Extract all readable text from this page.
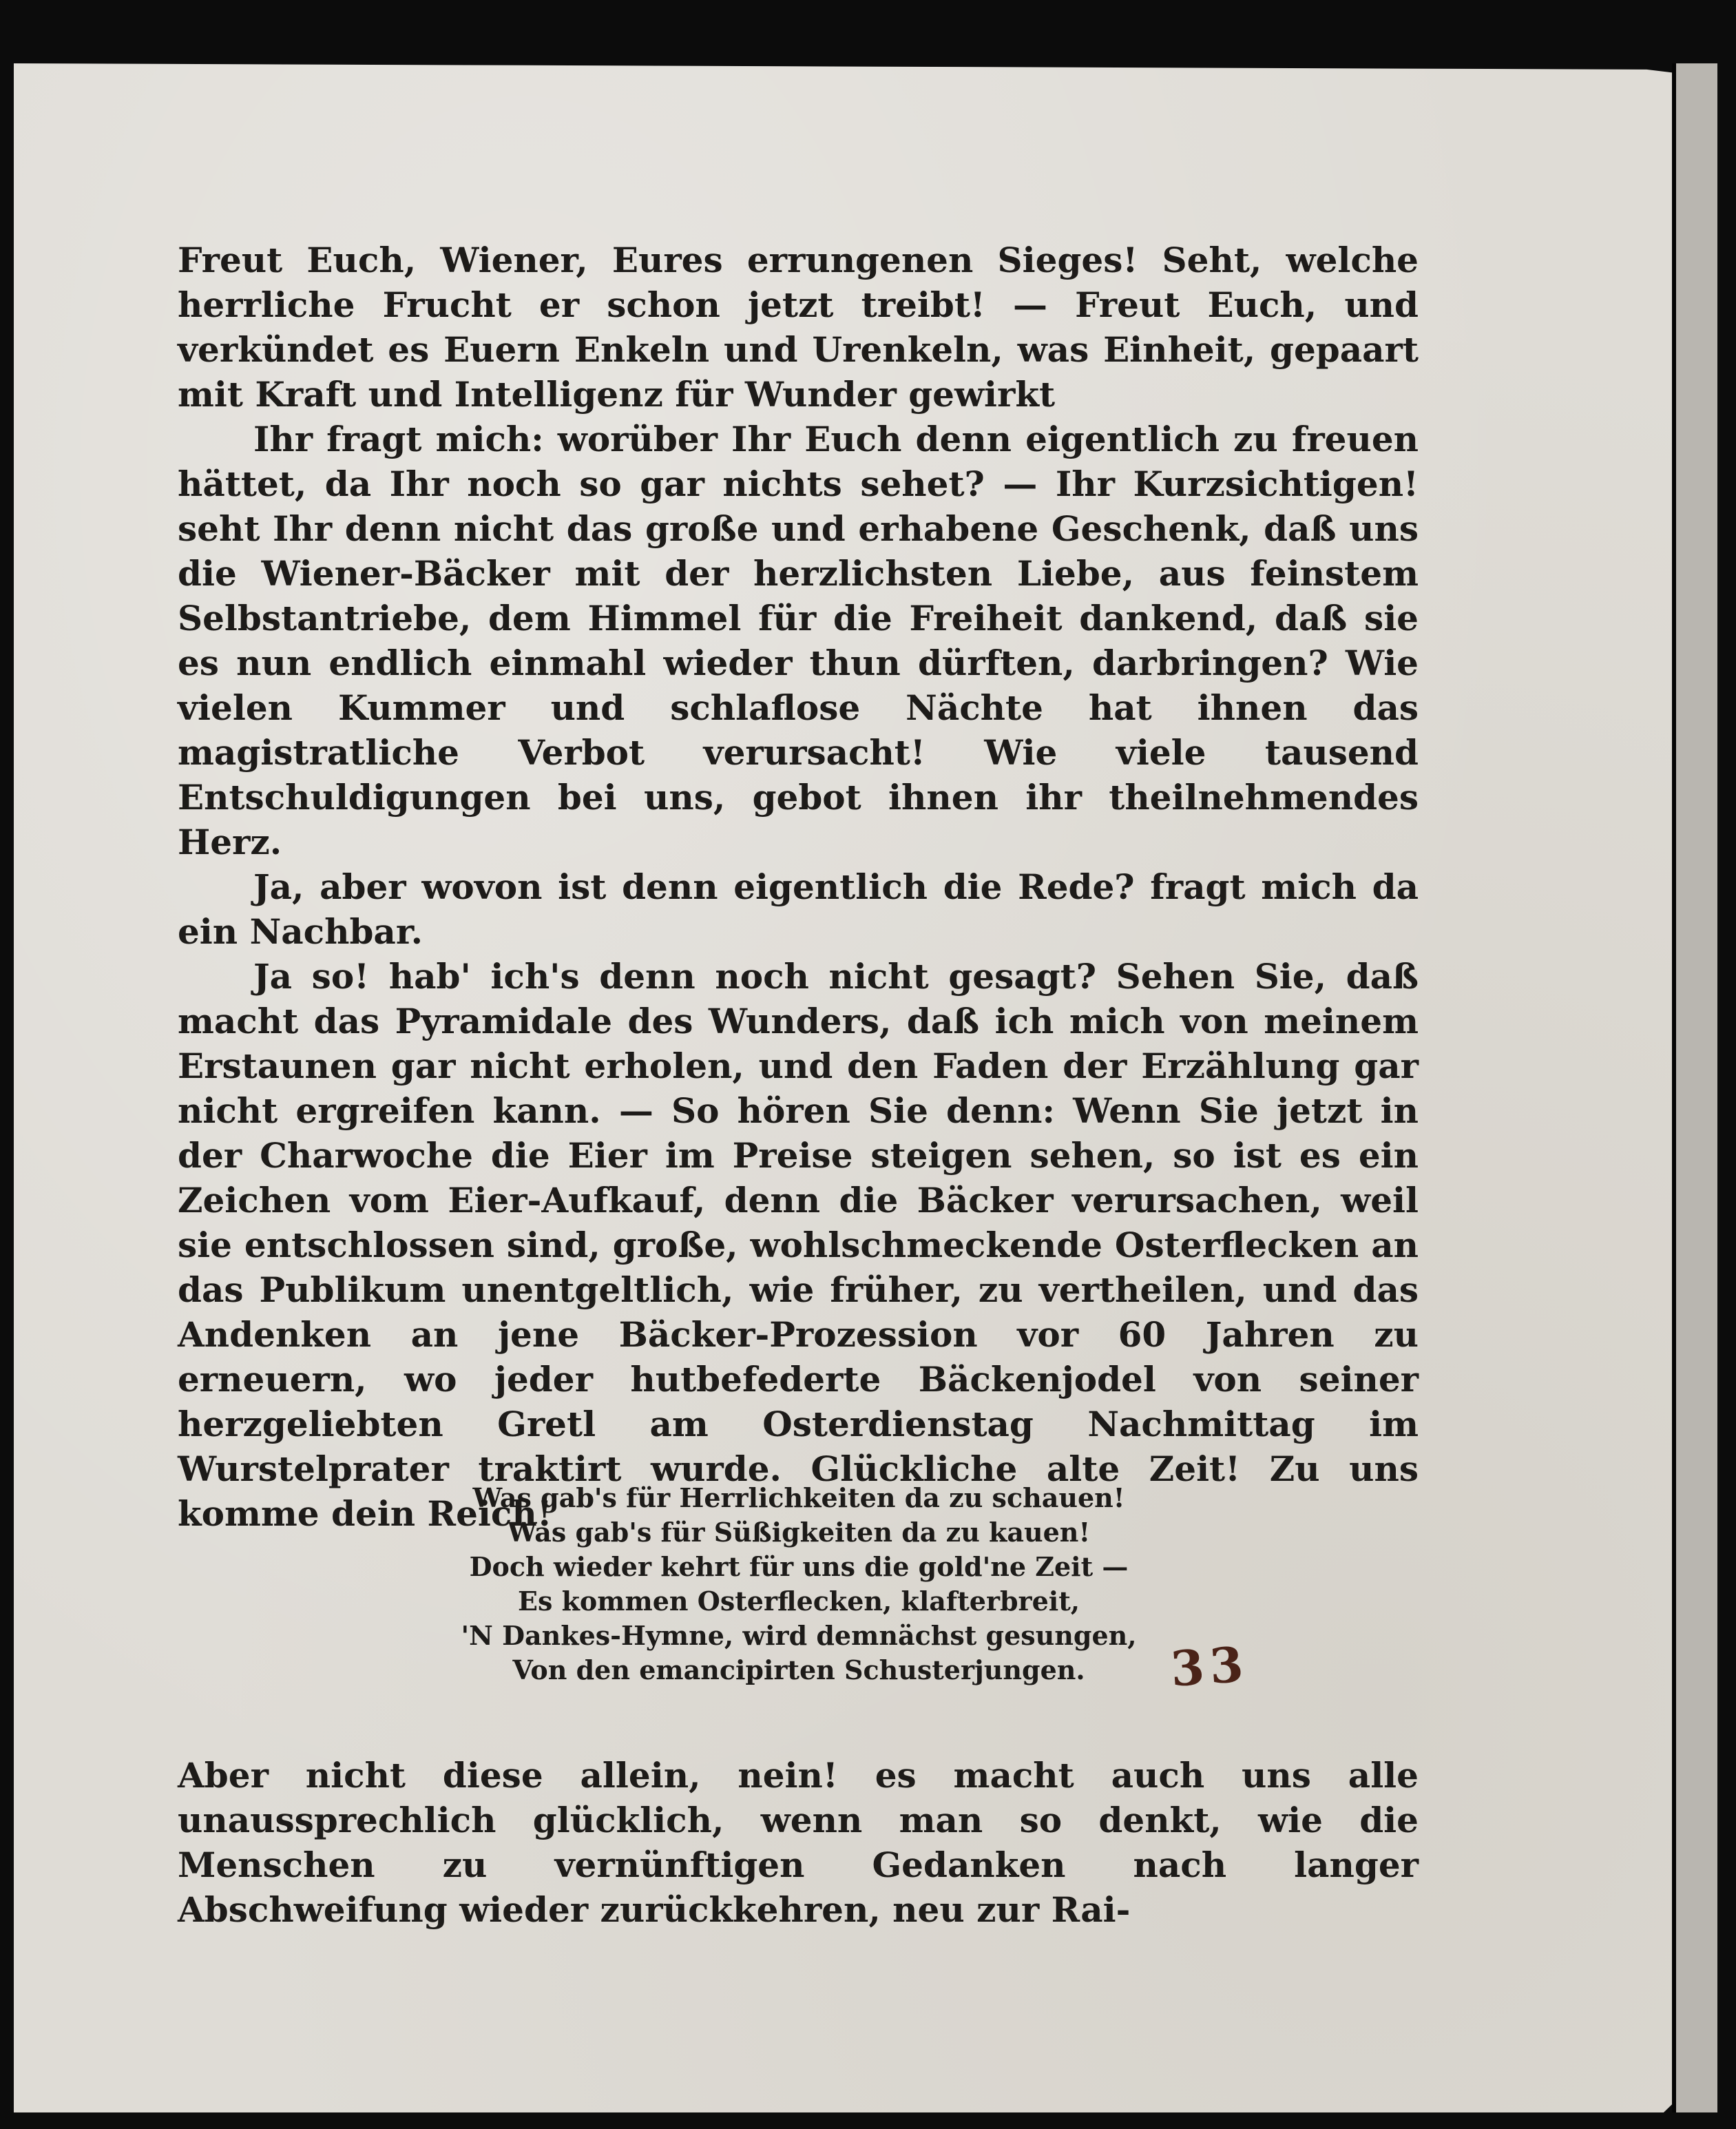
Freut Euch, Wiener, Eures errungenen Sieges! Seht, welche herrliche Frucht er schon jetzt treibt! — Freut Euch, und verkündet es Euern Enkeln und Urenkeln, was Einheit, gepaart mit Kraft und Intelligenz für Wunder gewirkt

Ihr fragt mich: worüber Ihr Euch denn eigentlich zu freuen hättet, da Ihr noch so gar nichts sehet? — Ihr Kurzsichtigen! seht Ihr denn nicht das große und erhabene Geschenk, daß uns die Wiener-Bäcker mit der herzlichsten Liebe, aus feinstem Selbstantriebe, dem Himmel für die Freiheit dankend, daß sie es nun endlich einmahl wieder thun dürften, darbringen? Wie vielen Kummer und schlaflose Nächte hat ihnen das magistratliche Verbot verursacht! Wie viele tausend Entschuldigungen bei uns, gebot ihnen ihr theilnehmendes Herz.

Ja, aber wovon ist denn eigentlich die Rede? fragt mich da ein Nachbar.

Ja so! hab' ich's denn noch nicht gesagt? Sehen Sie, daß macht das Pyramidale des Wunders, daß ich mich von meinem Erstaunen gar nicht erholen, und den Faden der Erzählung gar nicht ergreifen kann. — So hören Sie denn: Wenn Sie jetzt in der Charwoche die Eier im Preise steigen sehen, so ist es ein Zeichen vom Eier-Aufkauf, denn die Bäcker verursachen, weil sie entschlossen sind, große, wohlschmeckende Osterflecken an das Publikum unentgeltlich, wie früher, zu vertheilen, und das Andenken an jene Bäcker-Prozession vor 60 Jahren zu erneuern, wo jeder hutbefederte Bäckenjodel von seiner herzgeliebten Gretl am Osterdienstag Nachmittag im Wurstelprater traktirt wurde. Glückliche alte Zeit! Zu uns komme dein Reich!

Was gab's für Herrlichkeiten da zu schauen!
Was gab's für Süßigkeiten da zu kauen!
Doch wieder kehrt für uns die gold'ne Zeit —
Es kommen Osterflecken, klafterbreit,
'N Dankes-Hymne, wird demnächst gesungen,
Von den emancipirten Schusterjungen.	33

Aber nicht diese allein, nein! es macht auch uns alle unaussprechlich glücklich, wenn man so denkt, wie die Menschen zu vernünftigen Gedanken nach langer Abschweifung wieder zurückkehren, neu zur Rai-
